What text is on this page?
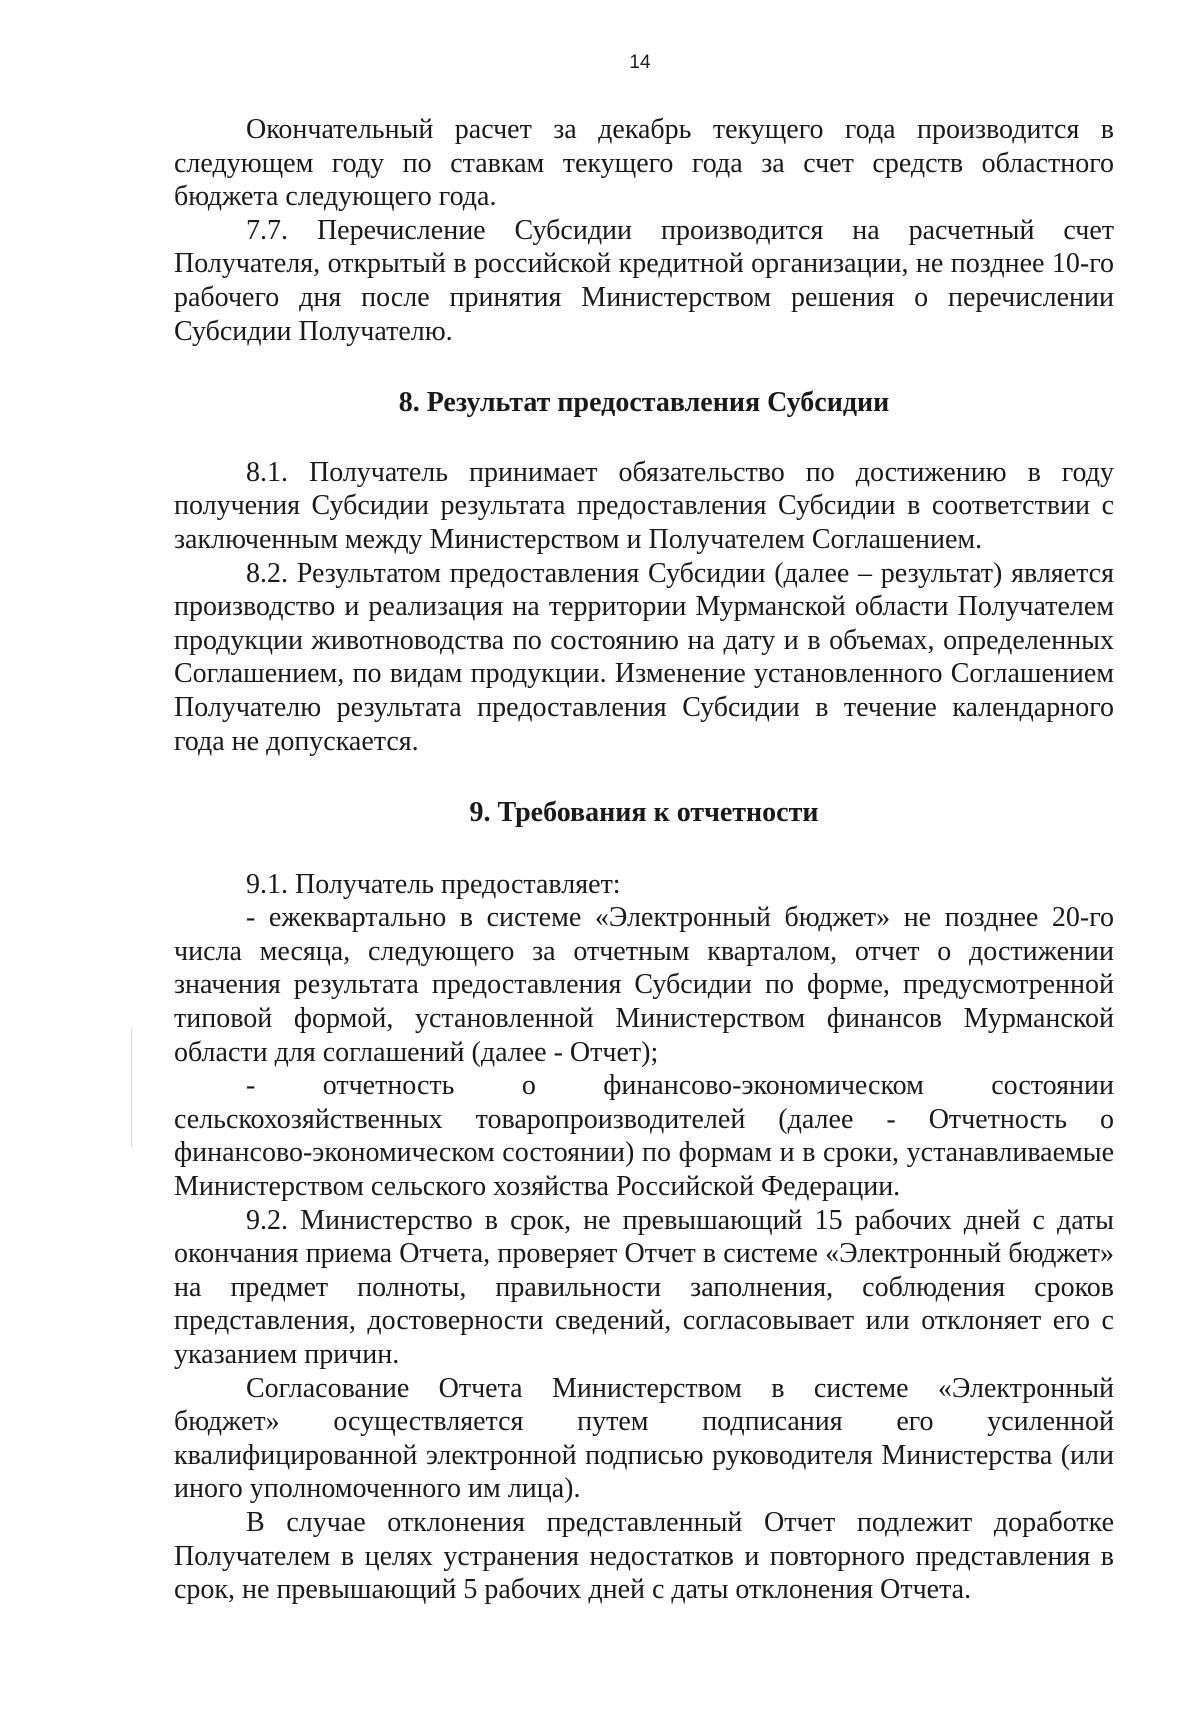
14

Окончательный расчет за декабрь текущего года производится в следующем году по ставкам текущего года за счет средств областного бюджета следующего года.

7.7. Перечисление Субсидии производится на расчетный счет Получателя, открытый в российской кредитной организации, не позднее 10-го рабочего дня после принятия Министерством решения о перечислении Субсидии Получателю.

8. Результат предоставления Субсидии

8.1. Получатель принимает обязательство по достижению в году получения Субсидии результата предоставления Субсидии в соответствии с заключенным между Министерством и Получателем Соглашением.

8.2. Результатом предоставления Субсидии (далее – результат) является производство и реализация на территории Мурманской области Получателем продукции животноводства по состоянию на дату и в объемах, определенных Соглашением, по видам продукции. Изменение установленного Соглашением Получателю результата предоставления Субсидии в течение календарного года не допускается.

9. Требования к отчетности

9.1. Получатель предоставляет:

- ежеквартально в системе «Электронный бюджет» не позднее 20-го числа месяца, следующего за отчетным кварталом, отчет о достижении значения результата предоставления Субсидии по форме, предусмотренной типовой формой, установленной Министерством финансов Мурманской области для соглашений (далее - Отчет);

- отчетность о финансово-экономическом состоянии

сельскохозяйственных товаропроизводителей (далее - Отчетность о финансово-экономическом состоянии) по формам и в сроки, устанавливаемые Министерством сельского хозяйства Российской Федерации.

9.2. Министерство в срок, не превышающий 15 рабочих дней с даты окончания приема Отчета, проверяет Отчет в системе «Электронный бюджет» на предмет полноты, правильности заполнения, соблюдения сроков представления, достоверности сведений, согласовывает или отклоняет его с указанием причин.

Согласование Отчета Министерством в системе «Электронный бюджет» осуществляется путем подписания его усиленной квалифицированной электронной подписью руководителя Министерства (или иного уполномоченного им лица).

В случае отклонения представленный Отчет подлежит доработке Получателем в целях устранения недостатков и повторного представления в срок, не превышающий 5 рабочих дней с даты отклонения Отчета.
